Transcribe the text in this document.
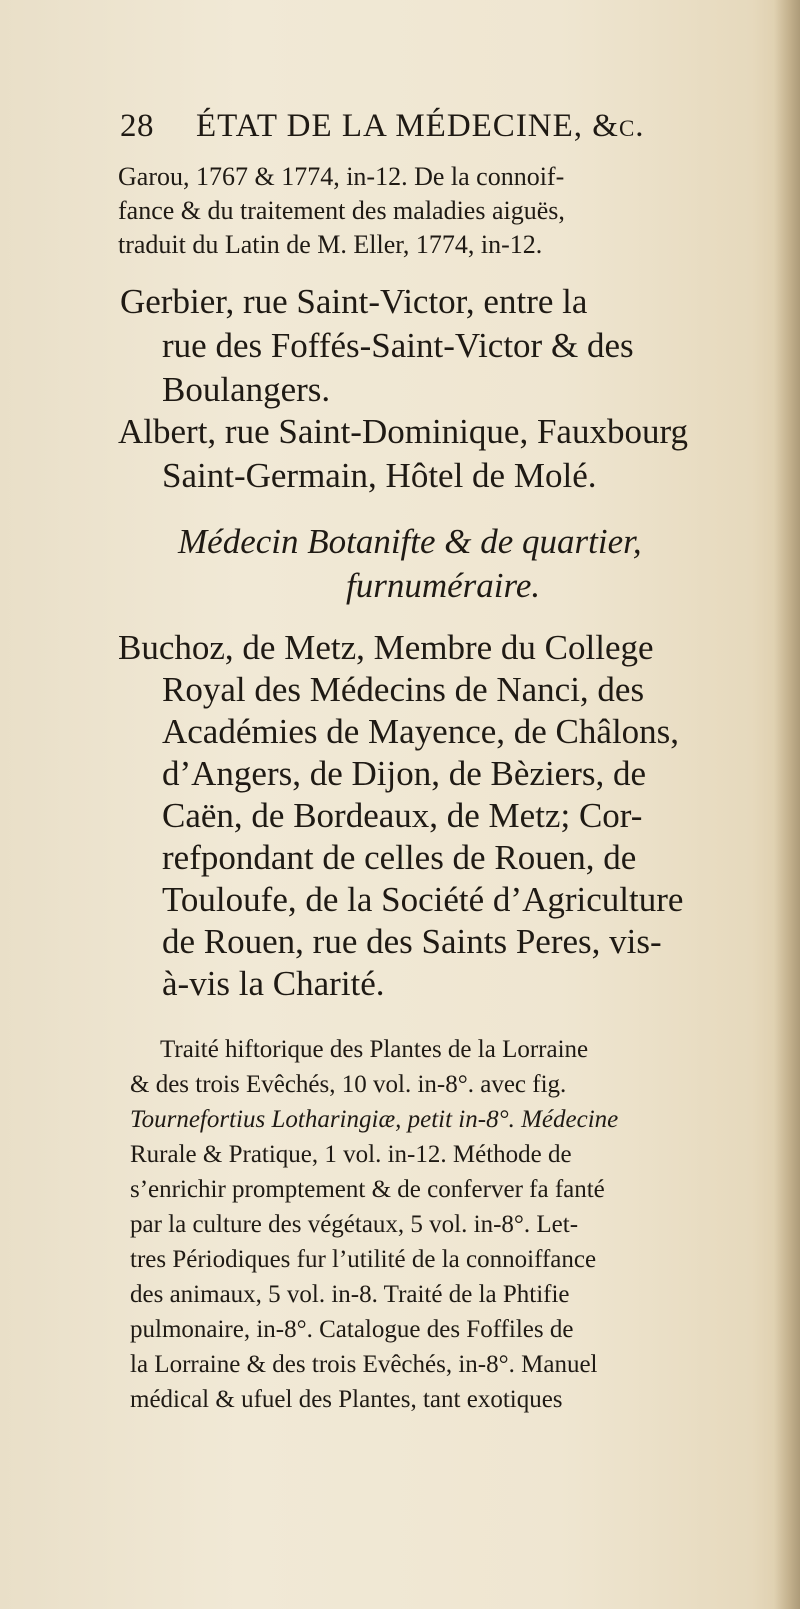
28 ÉTAT DE LA MÉDECINE, &c.
Garou, 1767 & 1774, in-12. De la connoif-
fance & du traitement des maladies aiguës,
traduit du Latin de M. Eller, 1774, in-12.
Gerbier, rue Saint-Victor, entre la
rue des Foffés-Saint-Victor & des
Boulangers.
Albert, rue Saint-Dominique, Fauxbourg
Saint-Germain, Hôtel de Molé.
Médecin Botanifte & de quartier,
furnuméraire.
Buchoz, de Metz, Membre du College
Royal des Médecins de Nanci, des
Académies de Mayence, de Châlons,
d’Angers, de Dijon, de Bèziers, de
Caën, de Bordeaux, de Metz; Cor-
refpondant de celles de Rouen, de
Touloufe, de la Société d’Agriculture
de Rouen, rue des Saints Peres, vis-
à-vis la Charité.
Traité hiftorique des Plantes de la Lorraine
& des trois Evêchés, 10 vol. in-8°. avec fig.
Tournefortius Lotharingiæ, petit in-8°. Médecine
Rurale & Pratique, 1 vol. in-12. Méthode de
s’enrichir promptement & de conferver fa fanté
par la culture des végétaux, 5 vol. in-8°. Let-
tres Périodiques fur l’utilité de la connoiffance
des animaux, 5 vol. in-8. Traité de la Phtifie
pulmonaire, in-8°. Catalogue des Foffiles de
la Lorraine & des trois Evêchés, in-8°. Manuel
médical & ufuel des Plantes, tant exotiques
